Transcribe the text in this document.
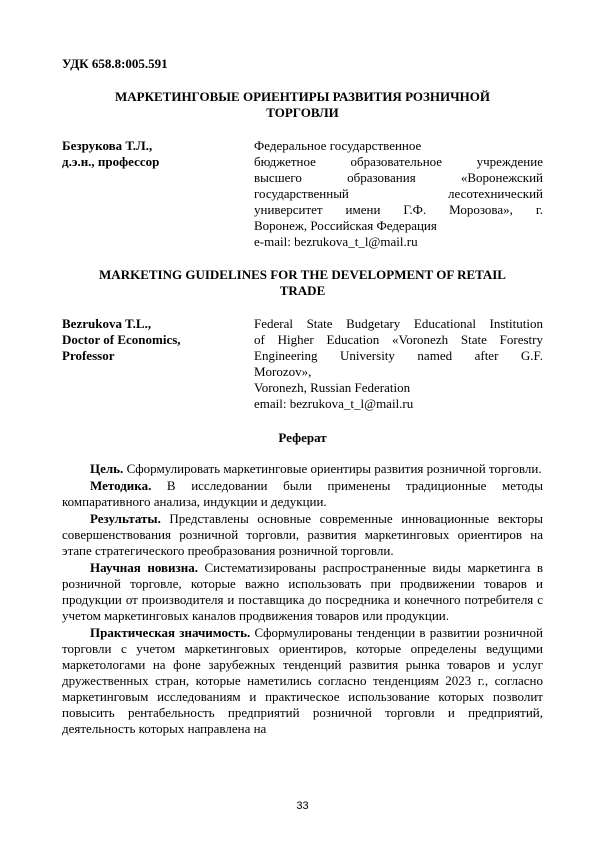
УДК 658.8:005.591
МАРКЕТИНГОВЫЕ ОРИЕНТИРЫ РАЗВИТИЯ РОЗНИЧНОЙ
ТОРГОВЛИ
Безрукова Т.Л.,
д.э.н., профессор
Федеральное государственное
бюджетное образовательное учреждение
высшего образования «Воронежский
государственный лесотехнический
университет имени Г.Ф. Морозова», г.
Воронеж, Российская Федерация
e-mail: bezrukova_t_l@mail.ru
MARKETING GUIDELINES FOR THE DEVELOPMENT OF RETAIL
TRADE
Bezrukova T.L.,
Doctor of Economics,
Professor
Federal State Budgetary Educational Institution
of Higher Education «Voronezh State Forestry
Engineering University named after G.F.
Morozov»,
Voronezh, Russian Federation
email: bezrukova_t_l@mail.ru
Реферат

Цель. Сформулировать маркетинговые ориентиры развития розничной торговли.

Методика. В исследовании были применены традиционные методы компаративного анализа, индукции и дедукции.

Результаты. Представлены основные современные инновационные векторы совершенствования розничной торговли, развития маркетинговых ориентиров на этапе стратегического преобразования розничной торговли.

Научная новизна. Систематизированы распространенные виды маркетинга в розничной торговле, которые важно использовать при продвижении товаров и продукции от производителя и поставщика до посредника и конечного потребителя с учетом маркетинговых каналов продвижения товаров или продукции.

Практическая значимость. Сформулированы тенденции в развитии розничной торговли с учетом маркетинговых ориентиров, которые определены ведущими маркетологами на фоне зарубежных тенденций развития рынка товаров и услуг дружественных стран, которые наметились согласно тенденциям 2023 г., согласно маркетинговым исследованиям и практическое использование которых позволит повысить рентабельность предприятий розничной торговли и предприятий, деятельность которых направлена на

33
